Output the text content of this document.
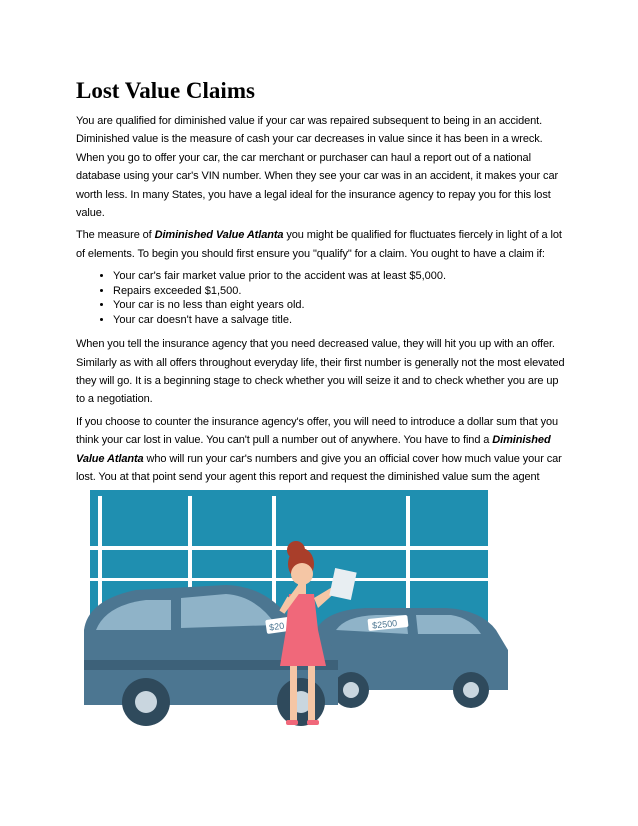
Lost Value Claims

You are qualified for diminished value if your car was repaired subsequent to being in an accident. Diminished value is the measure of cash your car decreases in value since it has been in a wreck. When you go to offer your car, the car merchant or purchaser can haul a report out of a national database using your car's VIN number. When they see your car was in an accident, it makes your car worth less. In many States, you have a legal ideal for the insurance agency to repay you for this lost value.

The measure of Diminished Value Atlanta you might be qualified for fluctuates fiercely in light of a lot of elements. To begin you should first ensure you "qualify" for a claim. You ought to have a claim if:

• Your car's fair market value prior to the accident was at least $5,000.
• Repairs exceeded $1,500.
• Your car is no less than eight years old.
• Your car doesn't have a salvage title.

When you tell the insurance agency that you need decreased value, they will hit you up with an offer. Similarly as with all offers throughout everyday life, their first number is generally not the most elevated they will go. It is a beginning stage to check whether you will seize it and to check whether you are up to a negotiation.

If you choose to counter the insurance agency's offer, you will need to introduce a dollar sum that you think your car lost in value. You can't pull a number out of anywhere. You have to find a Diminished Value Atlanta who will run your car's numbers and give you an official cover how much value your car lost. You at that point send your agent this report and request the diminished value sum the agent

$2500
$20
